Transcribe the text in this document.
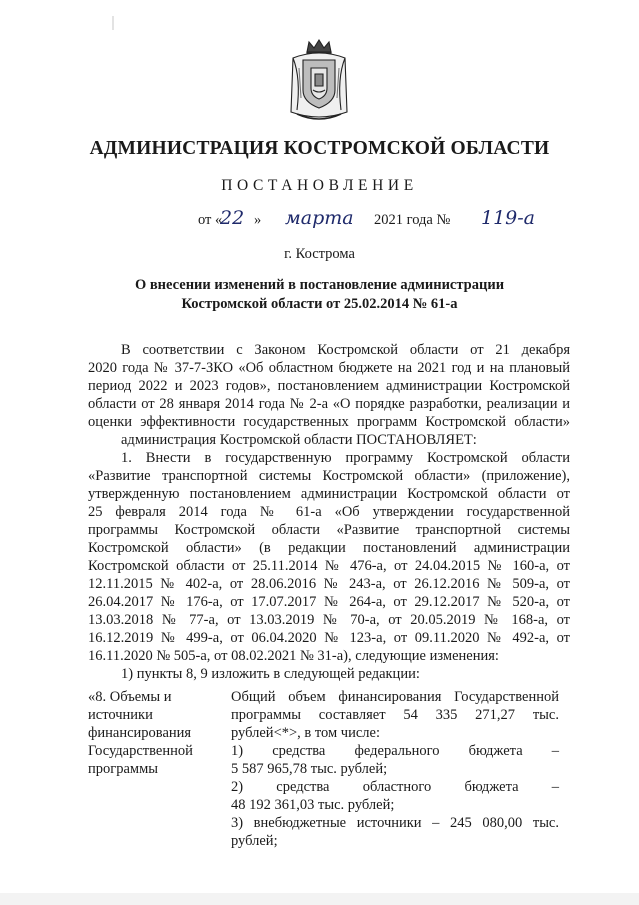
АДМИНИСТРАЦИЯ КОСТРОМСКОЙ ОБЛАСТИ
ПОСТАНОВЛЕНИЕ
от «
22 » марта 2021 года № 119-а
г. Кострома
О внесении изменений в постановление администрации
Костромской области от 25.02.2014 № 61-а
В соответствии с Законом Костромской области от 21 декабря
2020 года № 37-7-ЗКО «Об областном бюджете на 2021 год и на плановый
период 2022 и 2023 годов», постановлением администрации Костромской
области от 28 января 2014 года № 2-а «О порядке разработки, реализации и
оценки эффективности государственных программ Костромской области»
администрация Костромской области ПОСТАНОВЛЯЕТ:
1. Внести в государственную программу Костромской области
«Развитие транспортной системы Костромской области» (приложение),
утвержденную постановлением администрации Костромской области от
25 февраля 2014 года № 61-а «Об утверждении государственной
программы Костромской области «Развитие транспортной системы
Костромской области» (в редакции постановлений администрации
Костромской области от 25.11.2014 № 476-а, от 24.04.2015 № 160-а, от
12.11.2015 № 402-а, от 28.06.2016 № 243-а, от 26.12.2016 № 509-а, от
26.04.2017 № 176-а, от 17.07.2017 № 264-а, от 29.12.2017 № 520-а, от
13.03.2018 № 77-а, от 13.03.2019 № 70-а, от 20.05.2019 № 168-а, от
16.12.2019 № 499-а, от 06.04.2020 № 123-а, от 09.11.2020 № 492-а, от
16.11.2020 № 505-а, от 08.02.2021 № 31-а), следующие изменения:
1) пункты 8, 9 изложить в следующей редакции:
«8. Объемы и
источники
финансирования
Государственной
программы
Общий объем финансирования Государственной
программы составляет 54 335 271,27 тыс.
рублей<*>, в том числе:
1) средства федерального бюджета –
5 587 965,78 тыс. рублей;
2) средства областного бюджета –
48 192 361,03 тыс. рублей;
3) внебюджетные источники – 245 080,00 тыс.
рублей;
